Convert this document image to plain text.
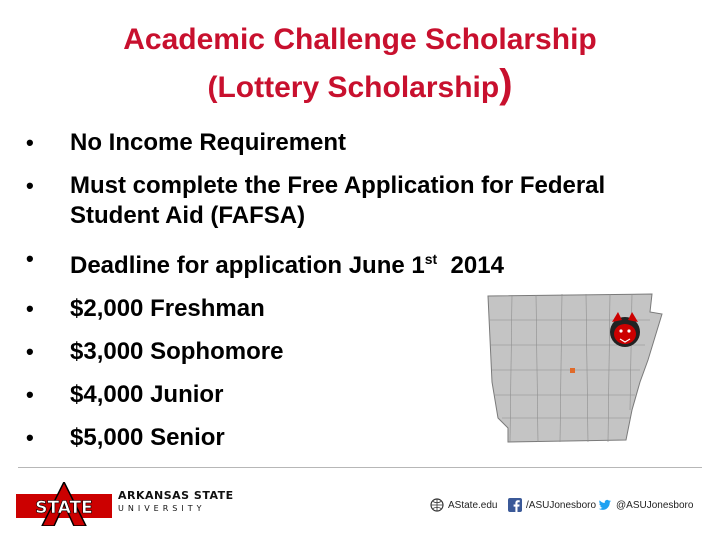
Academic Challenge Scholarship
(Lottery Scholarship)
• No Income Requirement
• Must complete the Free Application for Federal Student Aid (FAFSA)
• Deadline for application June 1st  2014
• $2,000 Freshman
• $3,000 Sophomore
• $4,000 Junior
• $5,000 Senior
STATE
ARKANSAS STATE
UNIVERSITY	AState.edu	/ASUJonesboro @ASUJonesboro
